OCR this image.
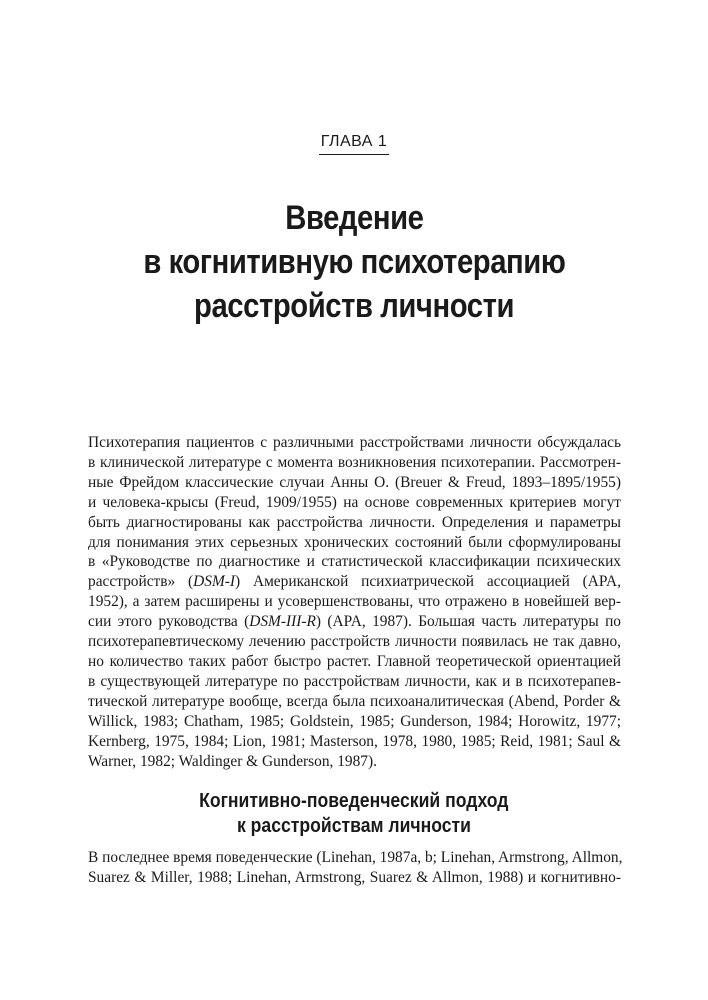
ГЛАВА 1
Введение
в когнитивную психотерапию
расстройств личности
Психотерапия пациентов с различными расстройствами личности обсуждалась
в клинической литературе с момента возникновения психотерапии. Рассмотрен-
ные Фрейдом классические случаи Анны О. (Breuer & Freud, 1893–1895/1955)
и человека-крысы (Freud, 1909/1955) на основе современных критериев могут
быть диагностированы как расстройства личности. Определения и параметры
для понимания этих серьезных хронических состояний были сформулированы
в «Руководстве по диагностике и статистической классификации психических
расстройств» (DSM-I) Американской психиатрической ассоциацией (APA,
1952), а затем расширены и усовершенствованы, что отражено в новейшей вер-
сии этого руководства (DSM-III-R) (APA, 1987). Большая часть литературы по
психотерапевтическому лечению расстройств личности появилась не так давно,
но количество таких работ быстро растет. Главной теоретической ориентацией
в существующей литературе по расстройствам личности, как и в психотерапев-
тической литературе вообще, всегда была психоаналитическая (Abend, Porder &
Willick, 1983; Chatham, 1985; Goldstein, 1985; Gunderson, 1984; Horowitz, 1977;
Kernberg, 1975, 1984; Lion, 1981; Masterson, 1978, 1980, 1985; Reid, 1981; Saul &
Warner, 1982; Waldinger & Gunderson, 1987).
Когнитивно-поведенческий подход
к расстройствам личности
В последнее время поведенческие (Linehan, 1987a, b; Linehan, Armstrong, Allmon,
Suarez & Miller, 1988; Linehan, Armstrong, Suarez & Allmon, 1988) и когнитивно-
